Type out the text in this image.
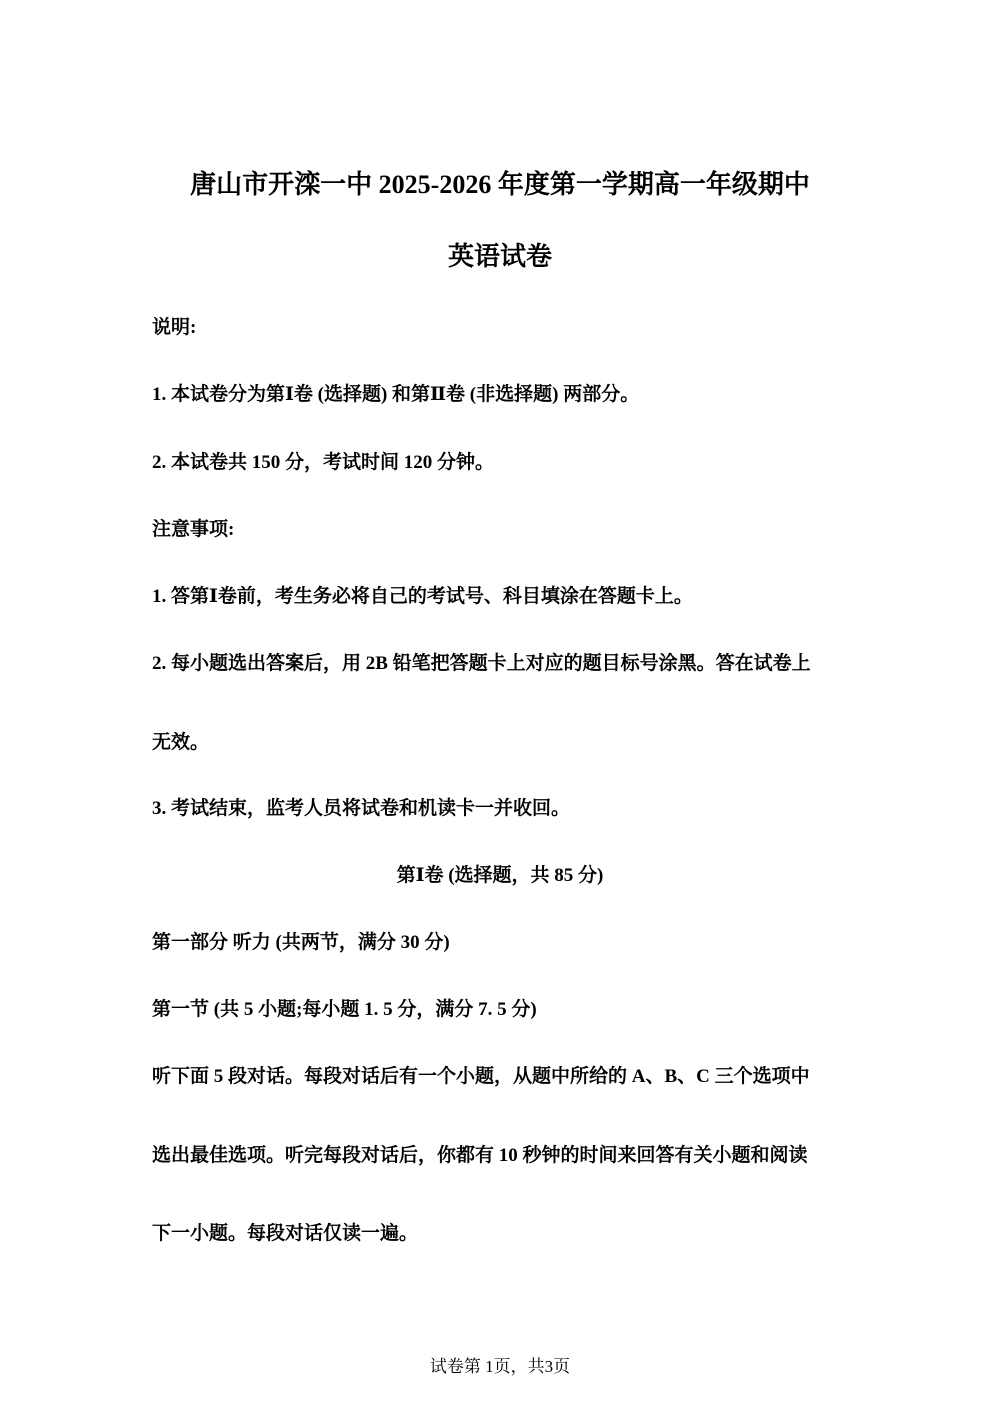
唐山市开滦一中 2025-2026 年度第一学期高一年级期中
英语试卷
说明:
1. 本试卷分为第Ⅰ卷 (选择题) 和第Ⅱ卷 (非选择题) 两部分。
2. 本试卷共 150 分，考试时间 120 分钟。
注意事项:
1. 答第Ⅰ卷前，考生务必将自己的考试号、科目填涂在答题卡上。
2. 每小题选出答案后，用 2B 铅笔把答题卡上对应的题目标号涂黑。答在试卷上
无效。
3. 考试结束，监考人员将试卷和机读卡一并收回。
第Ⅰ卷 (选择题，共 85 分)
第一部分 听力 (共两节，满分 30 分)
第一节 (共 5 小题;每小题 1. 5 分，满分 7. 5 分)
听下面 5 段对话。每段对话后有一个小题，从题中所给的 A、B、C 三个选项中
选出最佳选项。听完每段对话后，你都有 10 秒钟的时间来回答有关小题和阅读
下一小题。每段对话仅读一遍。
试卷第 1页，共3页
